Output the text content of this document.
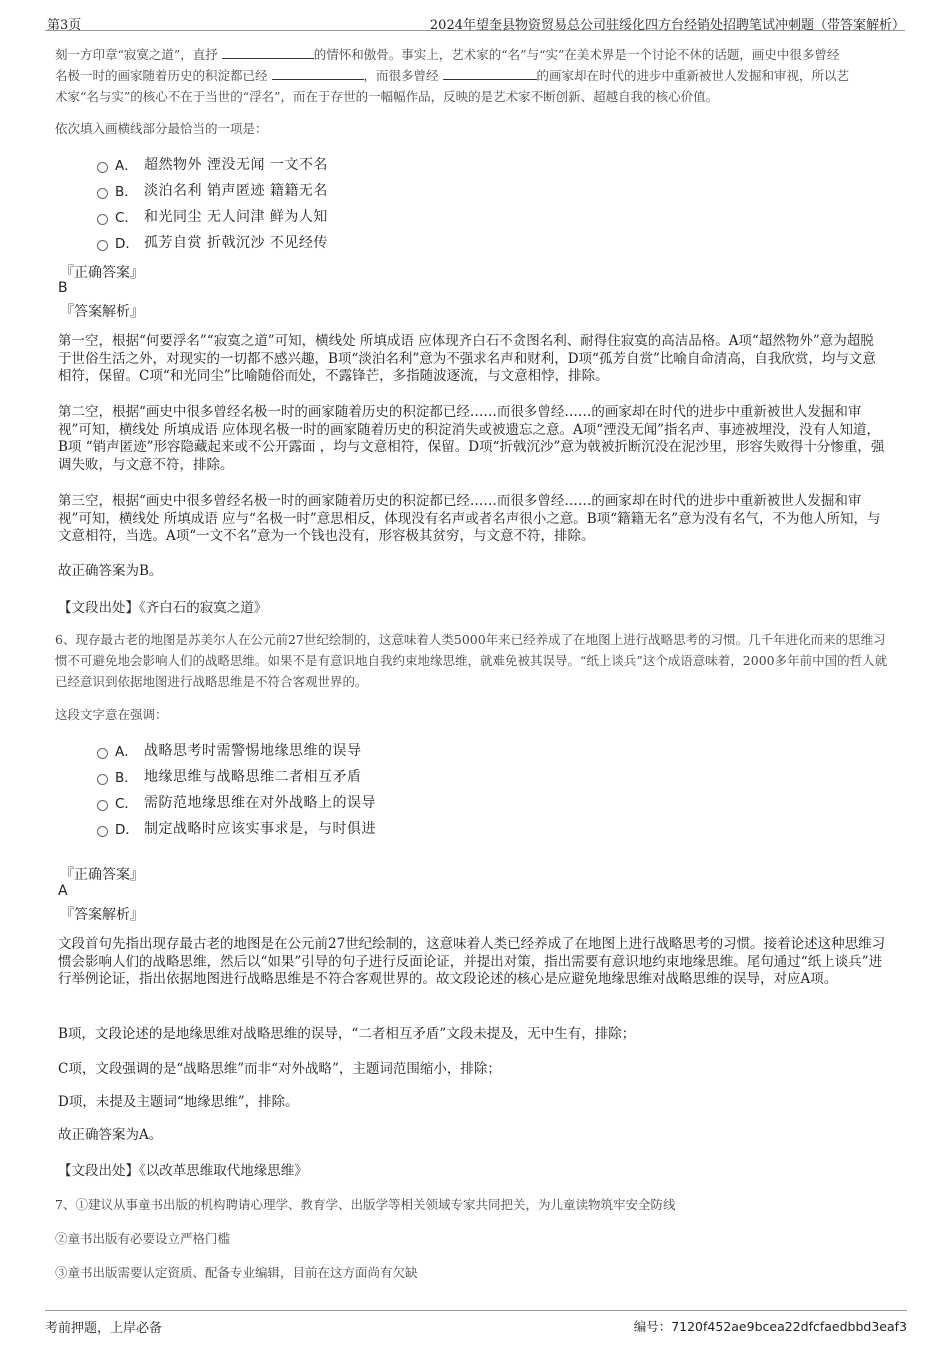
第3页	2024年望奎县物资贸易总公司驻绥化四方台经销处招聘笔试冲刺题（带答案解析）
刻一方印章“寂寞之道”，直抒	的情怀和傲骨。事实上，艺术家的“名”与“实”在美术界是一个讨论不休的话题，画史中很多曾经
名极一时的画家随着历史的积淀都已经	，而很多曾经	的画家却在时代的进步中重新被世人发掘和审视，所以艺
术家“名与实”的核心不在于当世的“浮名”，而在于存世的一幅幅作品，反映的是艺术家不断创新、超越自我的核心价值。
依次填入画横线部分最恰当的一项是：
A． 超然物外 湮没无闻 一文不名
B． 淡泊名利 销声匿迹 籍籍无名
C． 和光同尘 无人问津 鲜为人知
D． 孤芳自赏 折戟沉沙 不见经传
『正确答案』
B
『答案解析』
第一空，根据“何要浮名”“寂寞之道”可知，横线处 所填成语 应体现齐白石不贪图名利、耐得住寂寞的高洁品格。A项“超然物外”意为超脱于世俗生活之外，对现实的一切都不感兴趣，B项“淡泊名利”意为不强求名声和财利，D项“孤芳自赏”比喻自命清高，自我欣赏，均与文意相符，保留。C项“和光同尘”比喻随俗而处，不露锋芒，多指随波逐流，与文意相悖，排除。
第二空，根据“画史中很多曾经名极一时的画家随着历史的积淀都已经……而很多曾经……的画家却在时代的进步中重新被世人发掘和审视”可知，横线处 所填成语 应体现名极一时的画家随着历史的积淀消失或被遗忘之意。A项“湮没无闻”指名声、事迹被埋没，没有人知道，B项 “销声匿迹”形容隐藏起来或不公开露面 ，均与文意相符，保留。D项“折戟沉沙”意为戟被折断沉没在泥沙里，形容失败得十分惨重，强调失败，与文意不符，排除。
第三空，根据“画史中很多曾经名极一时的画家随着历史的积淀都已经……而很多曾经……的画家却在时代的进步中重新被世人发掘和审视”可知，横线处 所填成语 应与“名极一时”意思相反，体现没有名声或者名声很小之意。B项“籍籍无名”意为没有名气，不为他人所知，与文意相符，当选。A项“一文不名”意为一个钱也没有，形容极其贫穷，与文意不符，排除。
故正确答案为B。
【文段出处】《齐白石的寂寞之道》
6、现存最古老的地图是苏美尔人在公元前27世纪绘制的，这意味着人类5000年来已经养成了在地图上进行战略思考的习惯。几千年进化而来的思维习惯不可避免地会影响人们的战略思维。如果不是有意识地自我约束地缘思维，就难免被其误导。“纸上谈兵”这个成语意味着，2000多年前中国的哲人就已经意识到依据地图进行战略思维是不符合客观世界的。
这段文字意在强调：
A． 战略思考时需警惕地缘思维的误导
B． 地缘思维与战略思维二者相互矛盾
C． 需防范地缘思维在对外战略上的误导
D． 制定战略时应该实事求是，与时俱进
『正确答案』
A
『答案解析』
文段首句先指出现存最古老的地图是在公元前27世纪绘制的，这意味着人类已经养成了在地图上进行战略思考的习惯。接着论述这种思维习惯会影响人们的战略思维，然后以“如果”引导的句子进行反面论证，并提出对策，指出需要有意识地约束地缘思维。尾句通过“纸上谈兵”进行举例论证，指出依据地图进行战略思维是不符合客观世界的。故文段论述的核心是应避免地缘思维对战略思维的误导，对应A项。
B项，文段论述的是地缘思维对战略思维的误导，“二者相互矛盾”文段未提及，无中生有，排除；
C项，文段强调的是“战略思维”而非“对外战略”，主题词范围缩小，排除；
D项，未提及主题词“地缘思维”，排除。
故正确答案为A。
【文段出处】《以改革思维取代地缘思维》
7、①建议从事童书出版的机构聘请心理学、教育学、出版学等相关领域专家共同把关，为儿童读物筑牢安全防线
②童书出版有必要设立严格门槛
③童书出版需要认定资质、配备专业编辑，目前在这方面尚有欠缺
考前押题，上岸必备	编号：7120f452ae9bcea22dfcfaedbbd3eaf3
